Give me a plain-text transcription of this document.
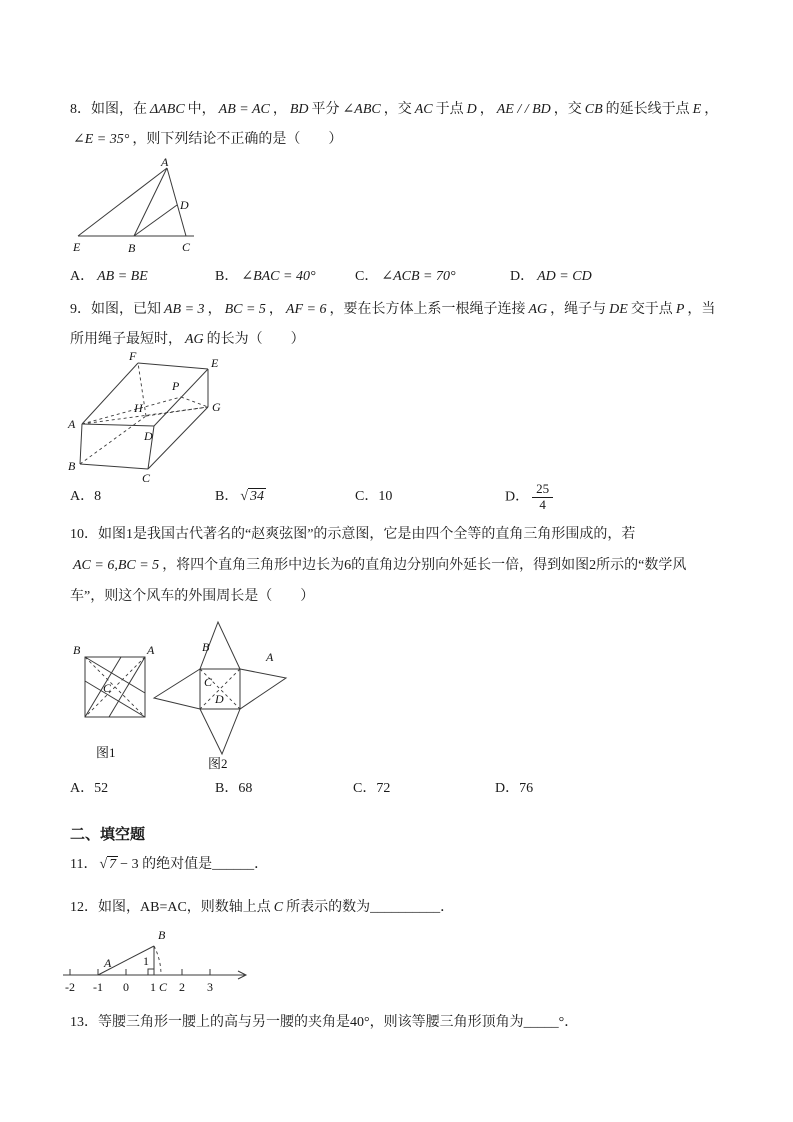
8．如图，在 ΔABC 中， AB = AC ， BD 平分 ∠ABC ，交 AC 于点 D ， AE / / BD ，交 CB 的延长线于点 E ，
∠E = 35° ，则下列结论不正确的是（　　）
A
D
E	B	C
A． AB = BE	B． ∠BAC = 40°	C． ∠ACB = 70°	D． AD = CD
9．如图，已知 AB = 3 ， BC = 5 ， AF = 6 ，要在长方体上系一根绳子连接 AG ，绳子与 DE 交于点 P ，当
所用绳子最短时， AG 的长为（　　）
F	E
P
G
A
H
D
B
C
A．8	B． √ 34	C．10	D． $\frac{25}{4}$
10．如图1是我国古代著名的“赵爽弦图”的示意图，它是由四个全等的直角三角形围成的，若
AC = 6,BC = 5 ，将四个直角三角形中边长为6的直角边分别向外延长一倍，得到如图2所示的“数学风
车”，则这个风车的外围周长是（　　）
B	A
C
图1
B
A
C
D
图2
A．52	B．68	C．72	D．76
二、填空题
11． √ 7 − 3 的绝对值是______．
12．如图，AB=AC，则数轴上点 C 所表示的数为__________．
-2 -1 0 1 2 3
A
B
1
C
13．等腰三角形一腰上的高与另一腰的夹角是40°，则该等腰三角形顶角为_____°．
